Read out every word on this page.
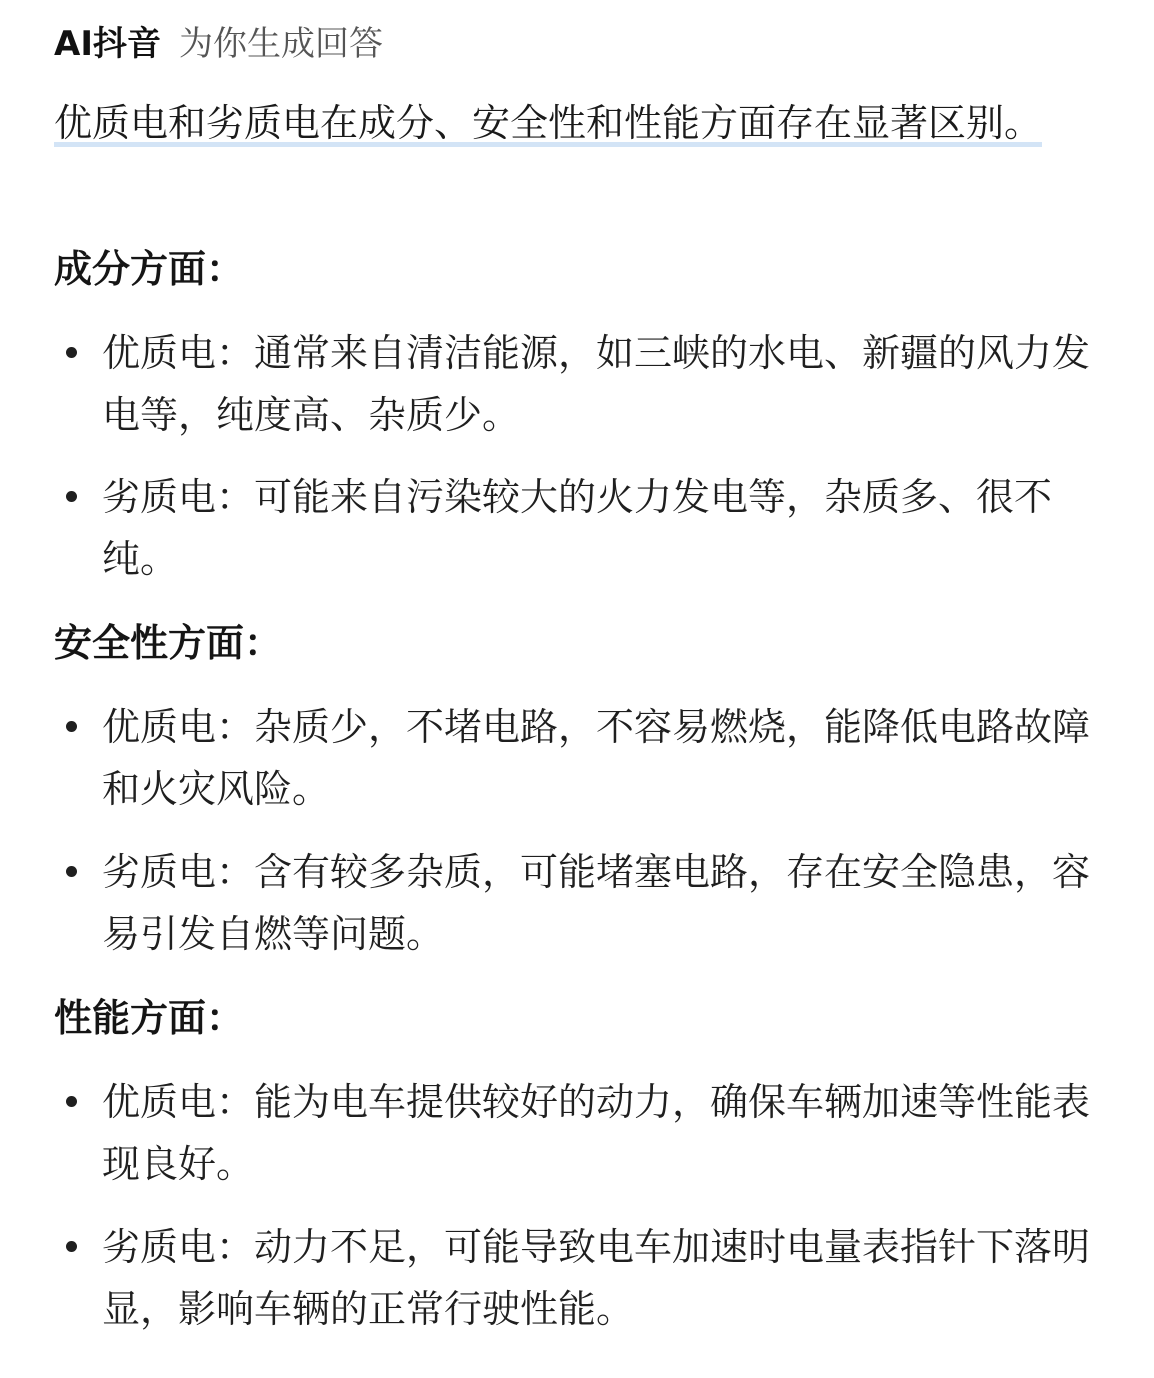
AI抖音 为你生成回答
优质电和劣质电在成分、安全性和性能方面存在显著区别。
成分方面：
优质电：通常来自清洁能源，如三峡的水电、新疆的风力发电等，纯度高、杂质少。
劣质电：可能来自污染较大的火力发电等，杂质多、很不纯。
安全性方面：
优质电：杂质少，不堵电路，不容易燃烧，能降低电路故障和火灾风险。
劣质电：含有较多杂质，可能堵塞电路，存在安全隐患，容易引发自燃等问题。
性能方面：
优质电：能为电车提供较好的动力，确保车辆加速等性能表现良好。
劣质电：动力不足，可能导致电车加速时电量表指针下落明显，影响车辆的正常行驶性能。
